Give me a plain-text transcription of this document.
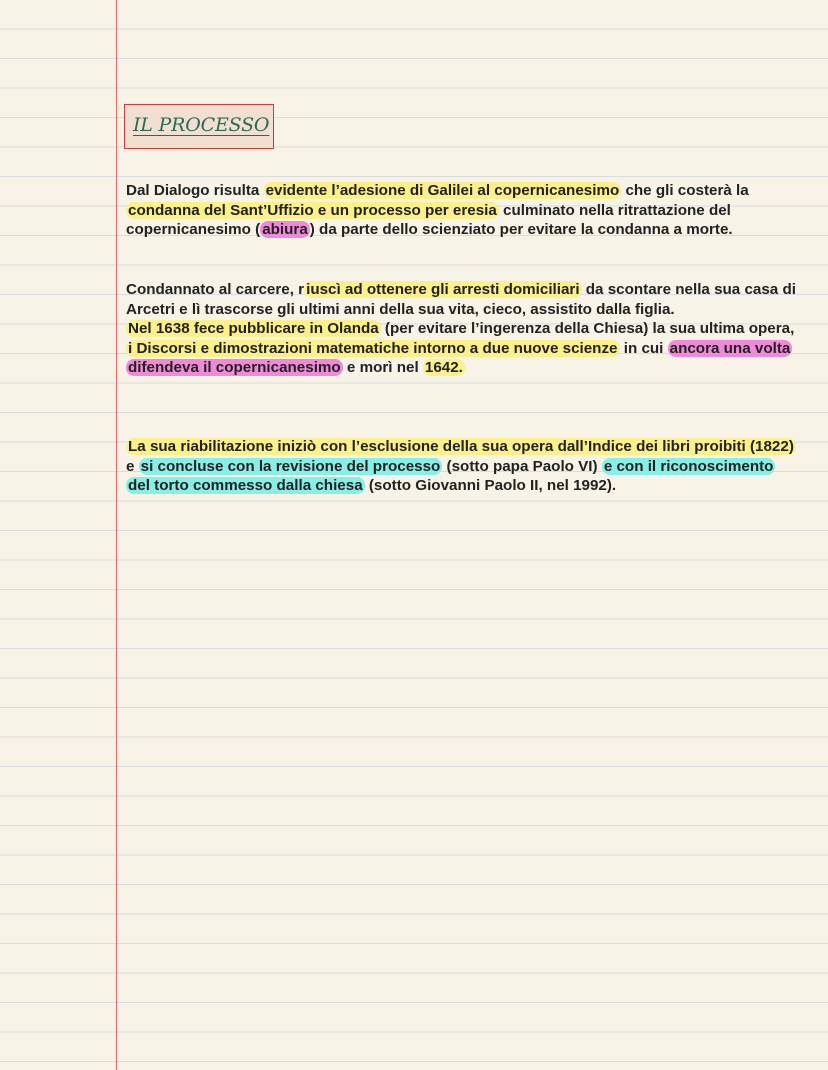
IL PROCESSO

Dal Dialogo risulta evidente l’adesione di Galilei al copernicanesimo che gli costerà la condanna del Sant’Uffizio e un processo per eresia culminato nella ritrattazione del copernicanesimo ( abiura ) da parte dello scienziato per evitare la condanna a morte.

Condannato al carcere, r iuscì ad ottenere gli arresti domiciliari da scontare nella sua casa di Arcetri e lì trascorse gli ultimi anni della sua vita, cieco, assistito dalla figlia.
Nel 1638 fece pubblicare in Olanda (per evitare l’ingerenza della Chiesa) la sua ultima opera, i Discorsi e dimostrazioni matematiche intorno a due nuove scienze in cui ancora una volta difendeva il copernicanesimo e morì nel 1642.

La sua riabilitazione iniziò con l’esclusione della sua opera dall’Indice dei libri proibiti (1822) e si concluse con la revisione del processo (sotto papa Paolo VI) e con il riconoscimento del torto commesso dalla chiesa (sotto Giovanni Paolo II, nel 1992).
